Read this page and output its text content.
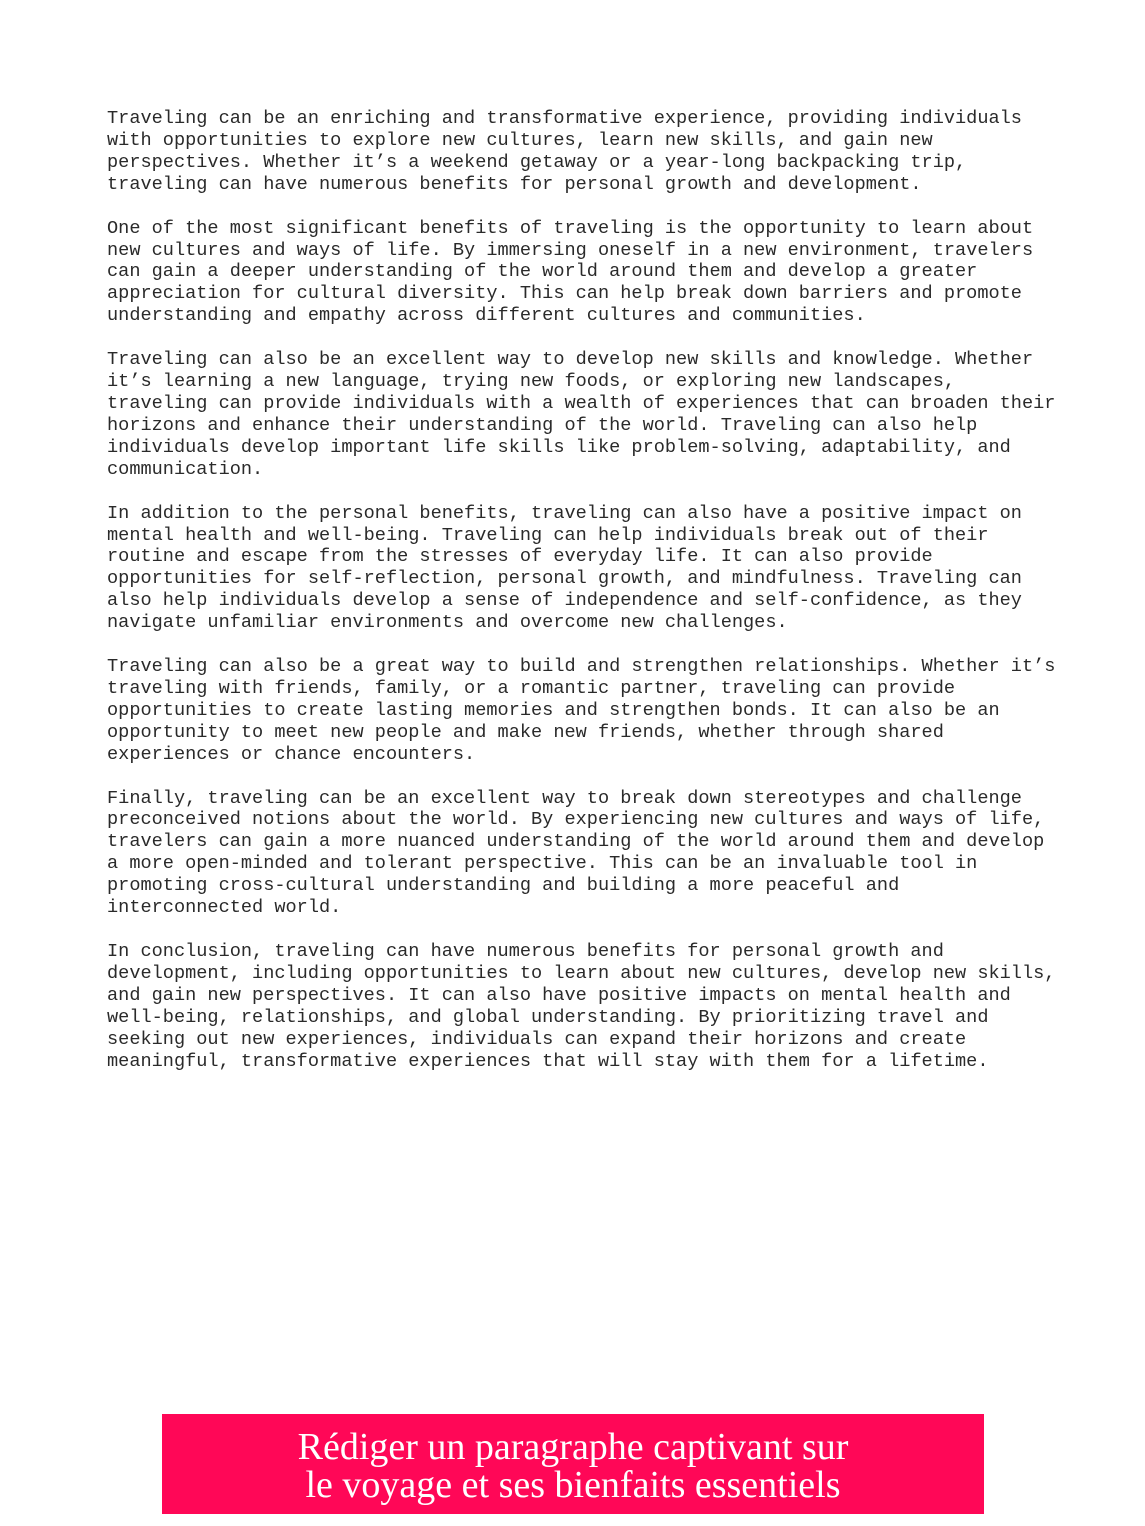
Traveling can be an enriching and transformative experience, providing individuals with opportunities to explore new cultures, learn new skills, and gain new perspectives. Whether it’s a weekend getaway or a year-long backpacking trip, traveling can have numerous benefits for personal growth and development.

One of the most significant benefits of traveling is the opportunity to learn about new cultures and ways of life. By immersing oneself in a new environment, travelers can gain a deeper understanding of the world around them and develop a greater appreciation for cultural diversity. This can help break down barriers and promote understanding and empathy across different cultures and communities.

Traveling can also be an excellent way to develop new skills and knowledge. Whether it’s learning a new language, trying new foods, or exploring new landscapes, traveling can provide individuals with a wealth of experiences that can broaden their horizons and enhance their understanding of the world. Traveling can also help individuals develop important life skills like problem-solving, adaptability, and communication.

In addition to the personal benefits, traveling can also have a positive impact on mental health and well-being. Traveling can help individuals break out of their routine and escape from the stresses of everyday life. It can also provide opportunities for self-reflection, personal growth, and mindfulness. Traveling can also help individuals develop a sense of independence and self-confidence, as they navigate unfamiliar environments and overcome new challenges.

Traveling can also be a great way to build and strengthen relationships. Whether it’s traveling with friends, family, or a romantic partner, traveling can provide opportunities to create lasting memories and strengthen bonds. It can also be an opportunity to meet new people and make new friends, whether through shared experiences or chance encounters.

Finally, traveling can be an excellent way to break down stereotypes and challenge preconceived notions about the world. By experiencing new cultures and ways of life, travelers can gain a more nuanced understanding of the world around them and develop a more open-minded and tolerant perspective. This can be an invaluable tool in promoting cross-cultural understanding and building a more peaceful and interconnected world.

In conclusion, traveling can have numerous benefits for personal growth and development, including opportunities to learn about new cultures, develop new skills, and gain new perspectives. It can also have positive impacts on mental health and well-being, relationships, and global understanding. By prioritizing travel and seeking out new experiences, individuals can expand their horizons and create meaningful, transformative experiences that will stay with them for a lifetime.

Rédiger un paragraphe captivant sur
le voyage et ses bienfaits essentiels
